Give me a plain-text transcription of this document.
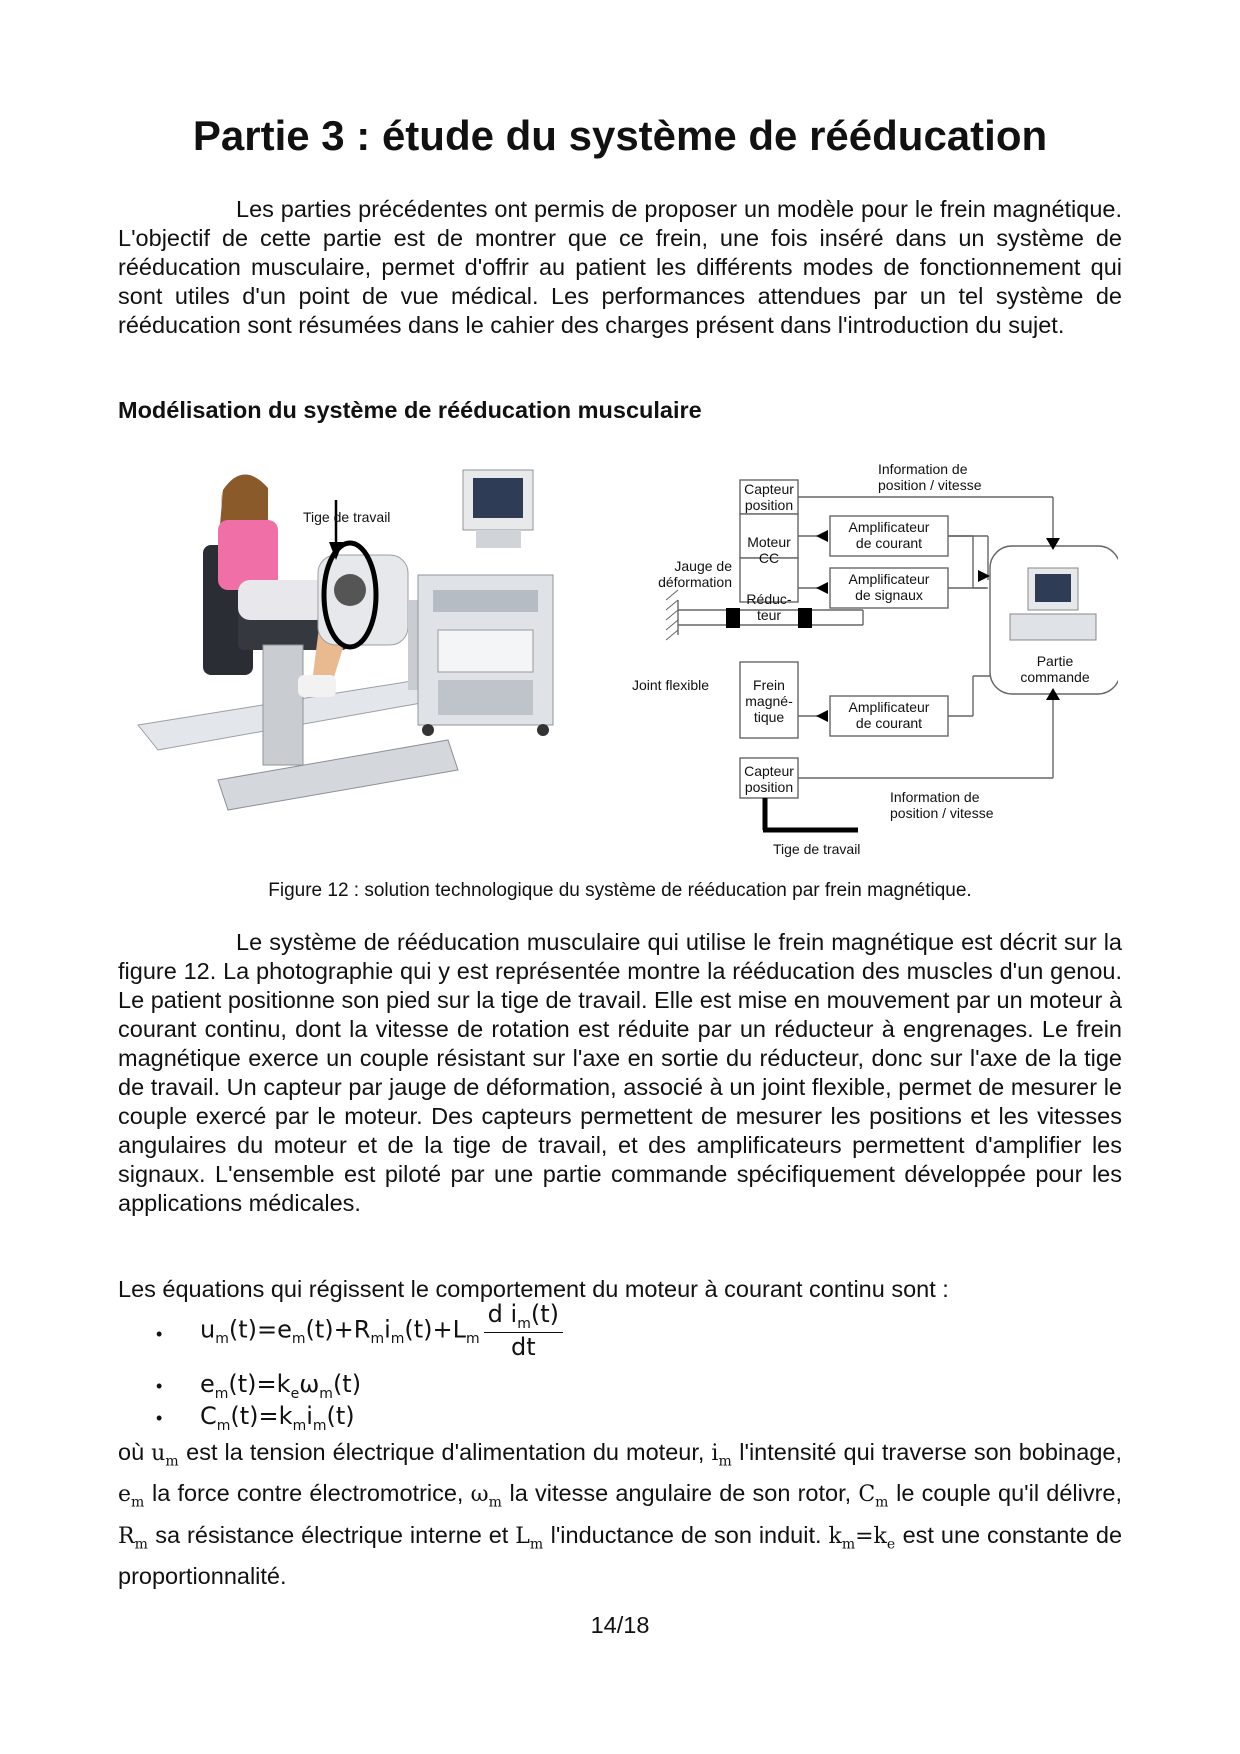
Partie 3 : étude du système de rééducation

Les parties précédentes ont permis de proposer un modèle pour le frein magnétique. L'objectif de cette partie est de montrer que ce frein, une fois inséré dans un système de rééducation musculaire, permet d'offrir au patient les différents modes de fonctionnement qui sont utiles d'un point de vue médical. Les performances attendues par un tel système de rééducation sont résumées dans le cahier des charges présent dans l'introduction du sujet.

Modélisation du système de rééducation musculaire

Tige de travail
Capteur
position
Moteur
CC
Réduc-
teur
Frein
magné-
tique
Capteur
position
Jauge de
déformation
Joint flexible
Information de
position / vitesse
Amplificateur
de courant
Amplificateur
de signaux
Amplificateur
de courant
Partie
commande
Information de
position / vitesse
Tige de travail
Figure 12 : solution technologique du système de rééducation par frein magnétique.

Le système de rééducation musculaire qui utilise le frein magnétique est décrit sur la figure 12. La photographie qui y est représentée montre la rééducation des muscles d'un genou. Le patient positionne son pied sur la tige de travail. Elle est mise en mouvement par un moteur à courant continu, dont la vitesse de rotation est réduite par un réducteur à engrenages. Le frein magnétique exerce un couple résistant sur l'axe en sortie du réducteur, donc sur l'axe de la tige de travail. Un capteur par jauge de déformation, associé à un joint flexible, permet de mesurer le couple exercé par le moteur. Des capteurs permettent de mesurer les positions et les vitesses angulaires du moteur et de la tige de travail, et des amplificateurs permettent d'amplifier les signaux. L'ensemble est piloté par une partie commande spécifiquement développée pour les applications médicales.

Les équations qui régissent le comportement du moteur à courant continu sont :

• $u_m(t)=e_m(t)+R_mi_m(t)+L_m \frac{d i_m(t)}{dt}$
• $e_m(t)=k_e\omega_m(t)$
• $C_m(t)=k_mi_m(t)$
où $u_m$ est la tension électrique d'alimentation du moteur, $i_m$ l'intensité qui traverse son bobinage, $e_m$ la force contre électromotrice, $\omega_m$ la vitesse angulaire de son rotor, $C_m$ le couple qu'il délivre, $R_m$ sa résistance électrique interne et $L_m$ l'inductance de son induit. $k_m=k_e$ est une constante de proportionnalité.
14/18
